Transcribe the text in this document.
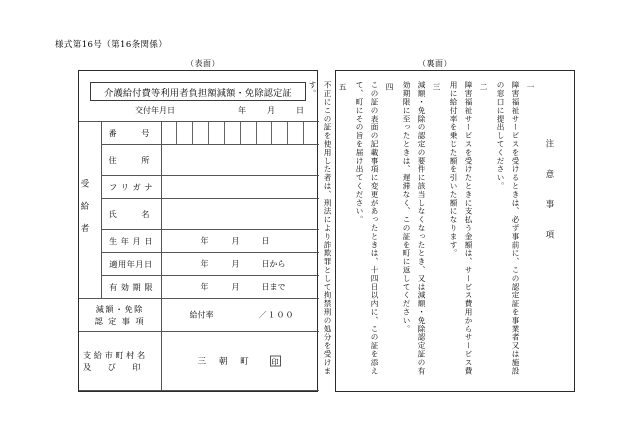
様式第16号（第16条関係）
（表面）	（裏面）
介護給付費等利用者負担額減額・免除認定証
交付年月日	年	月	日
受給者	番　　　号	

住　　　所	

フ リ ガ ナ	

氏　　　名	

生 年 月 日	年 月 日

適用年月日	年 月 日から

有 効 期 限	年 月 日まで

減額・免除
認 定 事 項

給付率	／１００

支 給 市 町 村 名
及　　び　　印	三 朝 町 印
注 意 事 項
一
障害福祉サービスを受けるときは、必ず事前に、この認定証を事業者又は施設の窓口に提出してください。
二
障害福祉サービスを受けたときに支払う金額は、サービス費用からサービス費用に給付率を乗じた額を引いた額になります。
三
減額・免除の認定の要件に該当しなくなったとき、又は減額・免除認定証の有効期限に至ったときは、遅滞なく、この証を町に返してください。
四
この証の表面の記載事項に変更があったときは、十四日以内に、この証を添えて、町にその旨を届け出てください。
五
不正にこの証を使用した者は、刑法により詐欺罪として拘禁刑の処分を受けます。
